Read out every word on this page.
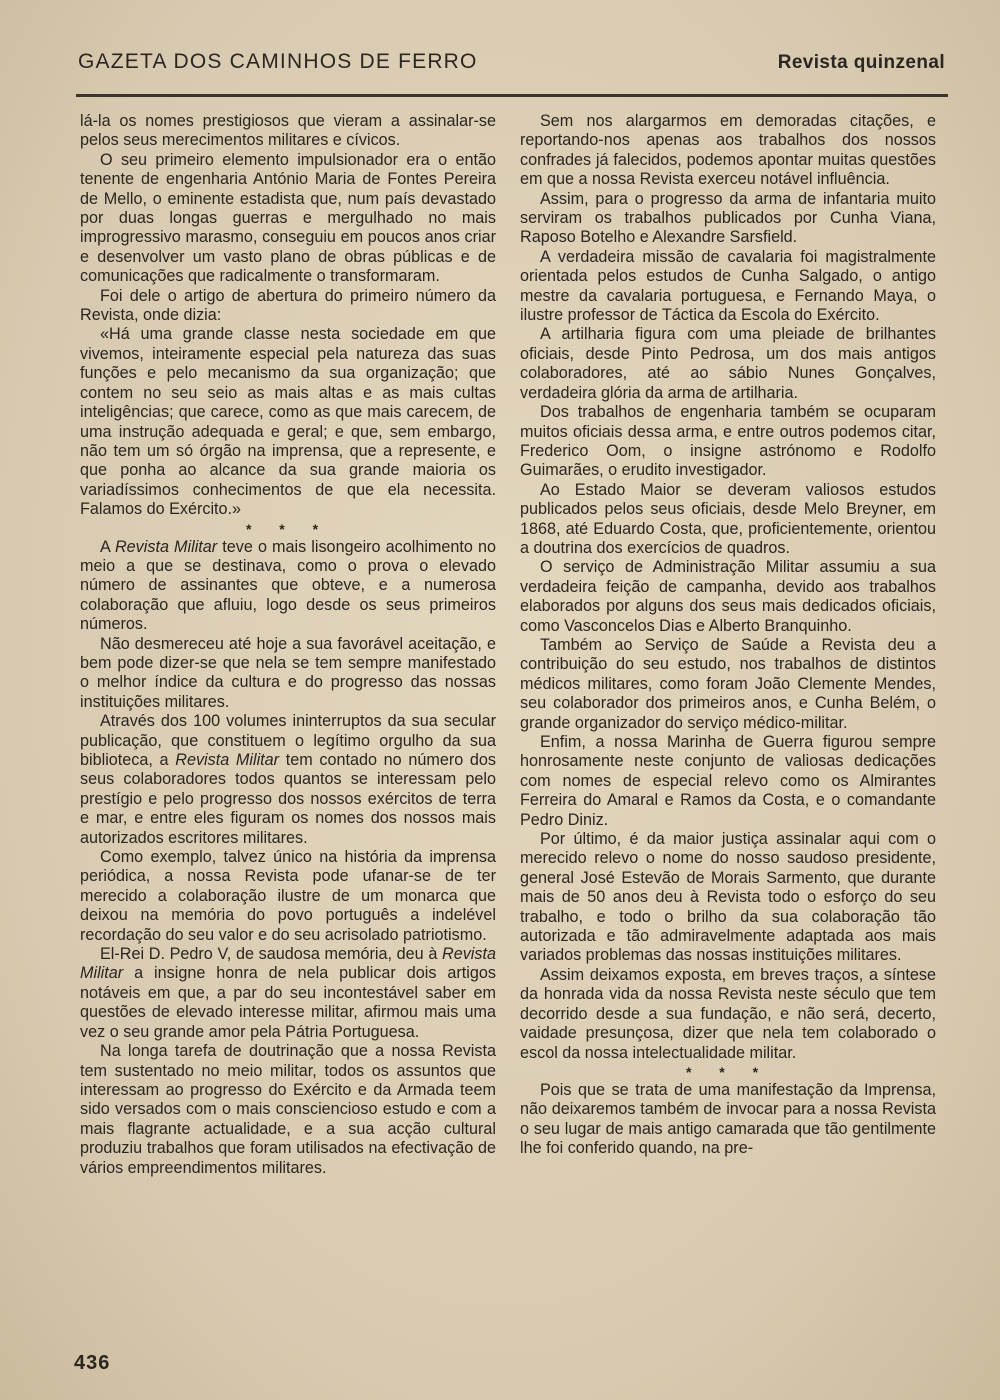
GAZETA DOS CAMINHOS DE FERRO	Revista quinzenal

lá-la os nomes prestigiosos que vieram a assinalar-se pelos seus merecimentos militares e cívicos.

O seu primeiro elemento impulsionador era o então tenente de engenharia António Maria de Fontes Pereira de Mello, o eminente estadista que, num país devastado por duas longas guerras e mergulhado no mais improgressivo marasmo, conseguiu em poucos anos criar e desenvolver um vasto plano de obras públicas e de comunicações que radicalmente o transformaram.

Foi dele o artigo de abertura do primeiro número da Revista, onde dizia:

«Há uma grande classe nesta sociedade em que vivemos, inteiramente especial pela natureza das suas funções e pelo mecanismo da sua organização; que contem no seu seio as mais altas e as mais cultas inteligências; que carece, como as que mais carecem, de uma instrução adequada e geral; e que, sem embargo, não tem um só órgão na imprensa, que a represente, e que ponha ao alcance da sua grande maioria os variadíssimos conhecimentos de que ela necessita. Falamos do Exército.»

* * *

A Revista Militar teve o mais lisongeiro acolhimento no meio a que se destinava, como o prova o elevado número de assinantes que obteve, e a numerosa colaboração que afluiu, logo desde os seus primeiros números.

Não desmereceu até hoje a sua favorável aceitação, e bem pode dizer-se que nela se tem sempre manifestado o melhor índice da cultura e do progresso das nossas instituições militares.

Através dos 100 volumes ininterruptos da sua secular publicação, que constituem o legítimo orgulho da sua biblioteca, a Revista Militar tem contado no número dos seus colaboradores todos quantos se interessam pelo prestígio e pelo progresso dos nossos exércitos de terra e mar, e entre eles figuram os nomes dos nossos mais autorizados escritores militares.

Como exemplo, talvez único na história da imprensa periódica, a nossa Revista pode ufanar-se de ter merecido a colaboração ilustre de um monarca que deixou na memória do povo português a indelével recordação do seu valor e do seu acrisolado patriotismo.

El-Rei D. Pedro V, de saudosa memória, deu à Revista Militar a insigne honra de nela publicar dois artigos notáveis em que, a par do seu incontestável saber em questões de elevado interesse militar, afirmou mais uma vez o seu grande amor pela Pátria Portuguesa.

Na longa tarefa de doutrinação que a nossa Revista tem sustentado no meio militar, todos os assuntos que interessam ao progresso do Exército e da Armada teem sido versados com o mais consciencioso estudo e com a mais flagrante actualidade, e a sua acção cultural produziu trabalhos que foram utilisados na efectivação de vários empreendimentos militares.

Sem nos alargarmos em demoradas citações, e reportando-nos apenas aos trabalhos dos nossos confrades já falecidos, podemos apontar muitas questões em que a nossa Revista exerceu notável influência.

Assim, para o progresso da arma de infantaria muito serviram os trabalhos publicados por Cunha Viana, Raposo Botelho e Alexandre Sarsfield.

A verdadeira missão de cavalaria foi magistralmente orientada pelos estudos de Cunha Salgado, o antigo mestre da cavalaria portuguesa, e Fernando Maya, o ilustre professor de Táctica da Escola do Exército.

A artilharia figura com uma pleiade de brilhantes oficiais, desde Pinto Pedrosa, um dos mais antigos colaboradores, até ao sábio Nunes Gonçalves, verdadeira glória da arma de artilharia.

Dos trabalhos de engenharia também se ocuparam muitos oficiais dessa arma, e entre outros podemos citar, Frederico Oom, o insigne astrónomo e Rodolfo Guimarães, o erudito investigador.

Ao Estado Maior se deveram valiosos estudos publicados pelos seus oficiais, desde Melo Breyner, em 1868, até Eduardo Costa, que, proficientemente, orientou a doutrina dos exercícios de quadros.

O serviço de Administração Militar assumiu a sua verdadeira feição de campanha, devido aos trabalhos elaborados por alguns dos seus mais dedicados oficiais, como Vasconcelos Dias e Alberto Branquinho.

Também ao Serviço de Saúde a Revista deu a contribuição do seu estudo, nos trabalhos de distintos médicos militares, como foram João Clemente Mendes, seu colaborador dos primeiros anos, e Cunha Belém, o grande organizador do serviço médico-militar.

Enfim, a nossa Marinha de Guerra figurou sempre honrosamente neste conjunto de valiosas dedicações com nomes de especial relevo como os Almirantes Ferreira do Amaral e Ramos da Costa, e o comandante Pedro Diniz.

Por último, é da maior justiça assinalar aqui com o merecido relevo o nome do nosso saudoso presidente, general José Estevão de Morais Sarmento, que durante mais de 50 anos deu à Revista todo o esforço do seu trabalho, e todo o brilho da sua colaboração tão autorizada e tão admiravelmente adaptada aos mais variados problemas das nossas instituições militares.

Assim deixamos exposta, em breves traços, a síntese da honrada vida da nossa Revista neste século que tem decorrido desde a sua fundação, e não será, decerto, vaidade presunçosa, dizer que nela tem colaborado o escol da nossa intelectualidade militar.

* * *

Pois que se trata de uma manifestação da Imprensa, não deixaremos também de invocar para a nossa Revista o seu lugar de mais antigo camarada que tão gentilmente lhe foi conferido quando, na pre-

436
